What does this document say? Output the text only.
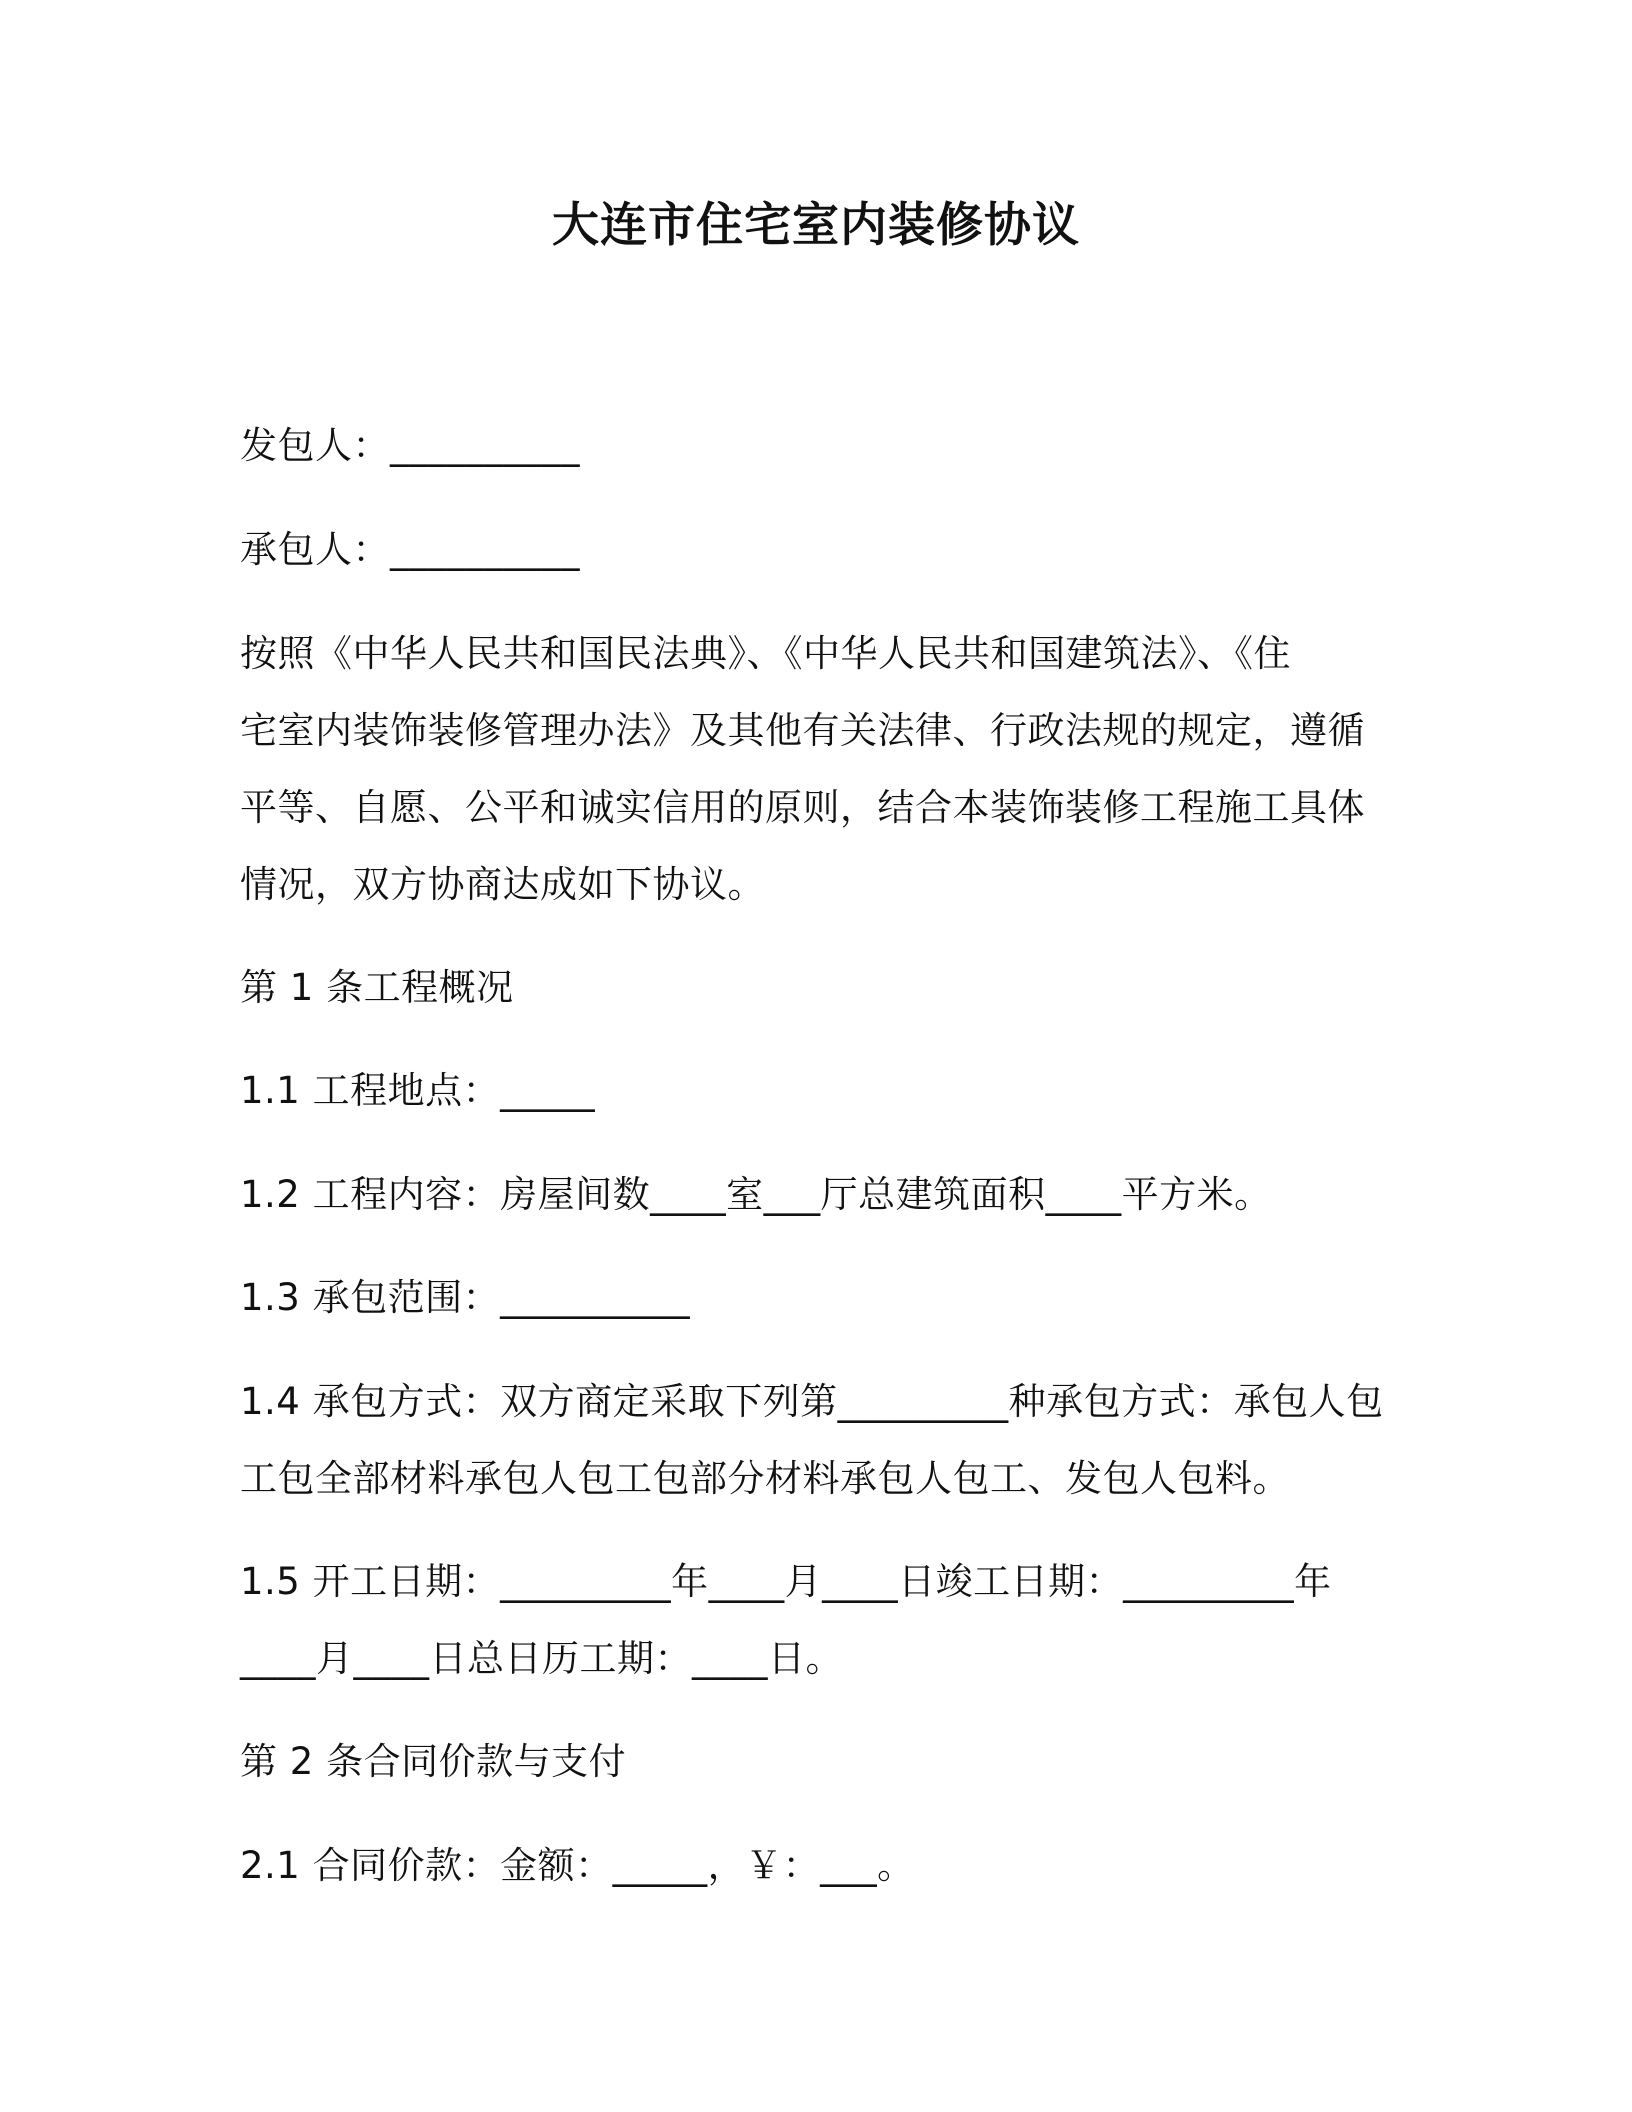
大连市住宅室内装修协议
发包人：__________
承包人：__________
按照《中华人民共和国民法典》、《中华人民共和国建筑法》、《住
宅室内装饰装修管理办法》及其他有关法律、行政法规的规定，遵循
平等、自愿、公平和诚实信用的原则，结合本装饰装修工程施工具体
情况，双方协商达成如下协议。
第 1 条工程概况
1.1 工程地点：_____
1.2 工程内容：房屋间数____室___厅总建筑面积____平方米。
1.3 承包范围：__________
1.4 承包方式：双方商定采取下列第_________种承包方式：承包人包
工包全部材料承包人包工包部分材料承包人包工、发包人包料。
1.5 开工日期：_________年____月____日竣工日期：_________年
____月____日总日历工期：____日。
第 2 条合同价款与支付
2.1 合同价款：金额：_____，￥：___。
